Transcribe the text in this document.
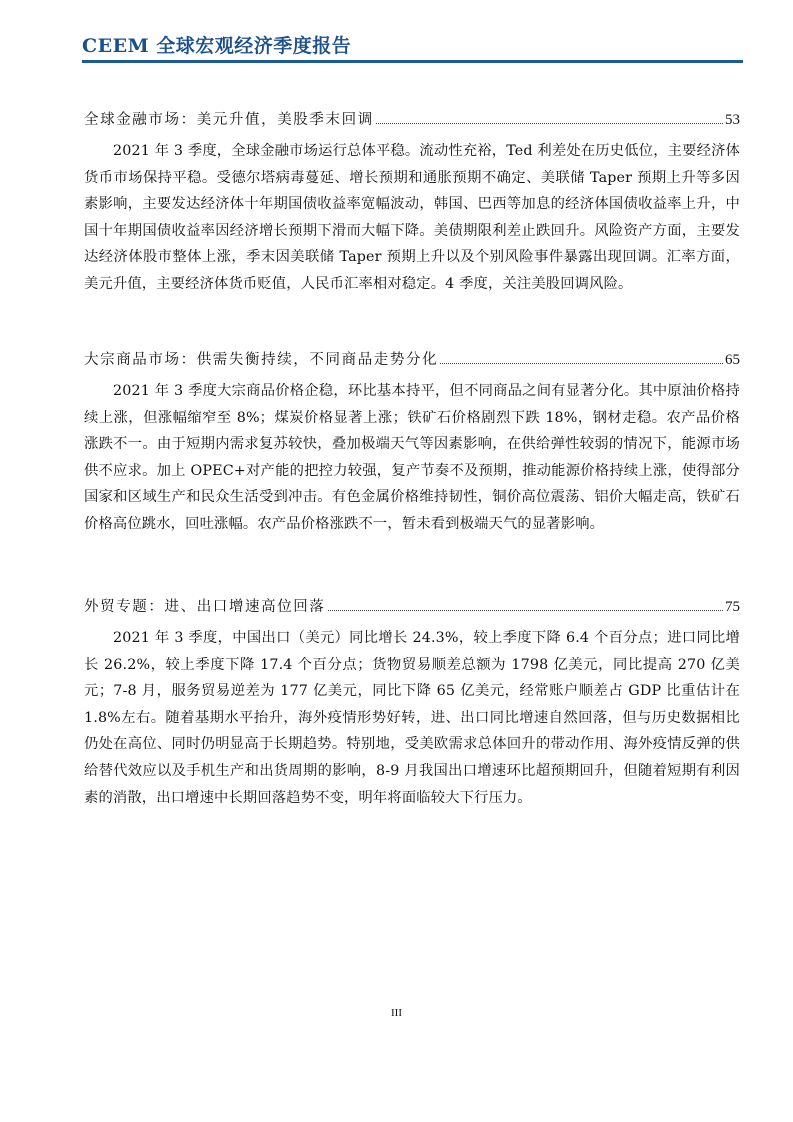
CEEM 全球宏观经济季度报告
全球金融市场：美元升值，美股季末回调	53
2021 年 3 季度，全球金融市场运行总体平稳。流动性充裕，Ted 利差处在历史低位，主要经济体货币市场保持平稳。受德尔塔病毒蔓延、增长预期和通胀预期不确定、美联储 Taper 预期上升等多因素影响，主要发达经济体十年期国债收益率宽幅波动，韩国、巴西等加息的经济体国债收益率上升，中国十年期国债收益率因经济增长预期下滑而大幅下降。美债期限利差止跌回升。风险资产方面，主要发达经济体股市整体上涨，季末因美联储 Taper 预期上升以及个别风险事件暴露出现回调。汇率方面，美元升值，主要经济体货币贬值，人民币汇率相对稳定。4 季度，关注美股回调风险。
大宗商品市场：供需失衡持续，不同商品走势分化	65
2021 年 3 季度大宗商品价格企稳，环比基本持平，但不同商品之间有显著分化。其中原油价格持续上涨，但涨幅缩窄至 8%；煤炭价格显著上涨；铁矿石价格剧烈下跌 18%，钢材走稳。农产品价格涨跌不一。由于短期内需求复苏较快，叠加极端天气等因素影响，在供给弹性较弱的情况下，能源市场供不应求。加上 OPEC+对产能的把控力较强，复产节奏不及预期，推动能源价格持续上涨，使得部分国家和区域生产和民众生活受到冲击。有色金属价格维持韧性，铜价高位震荡、铝价大幅走高，铁矿石价格高位跳水，回吐涨幅。农产品价格涨跌不一，暂未看到极端天气的显著影响。
外贸专题：进、出口增速高位回落	75
2021 年 3 季度，中国出口（美元）同比增长 24.3%，较上季度下降 6.4 个百分点；进口同比增长 26.2%，较上季度下降 17.4 个百分点；货物贸易顺差总额为 1798 亿美元，同比提高 270 亿美元；7-8 月，服务贸易逆差为 177 亿美元，同比下降 65 亿美元，经常账户顺差占 GDP 比重估计在 1.8%左右。随着基期水平抬升，海外疫情形势好转，进、出口同比增速自然回落，但与历史数据相比仍处在高位、同时仍明显高于长期趋势。特别地，受美欧需求总体回升的带动作用、海外疫情反弹的供给替代效应以及手机生产和出货周期的影响，8-9 月我国出口增速环比超预期回升，但随着短期有利因素的消散，出口增速中长期回落趋势不变，明年将面临较大下行压力。
III
